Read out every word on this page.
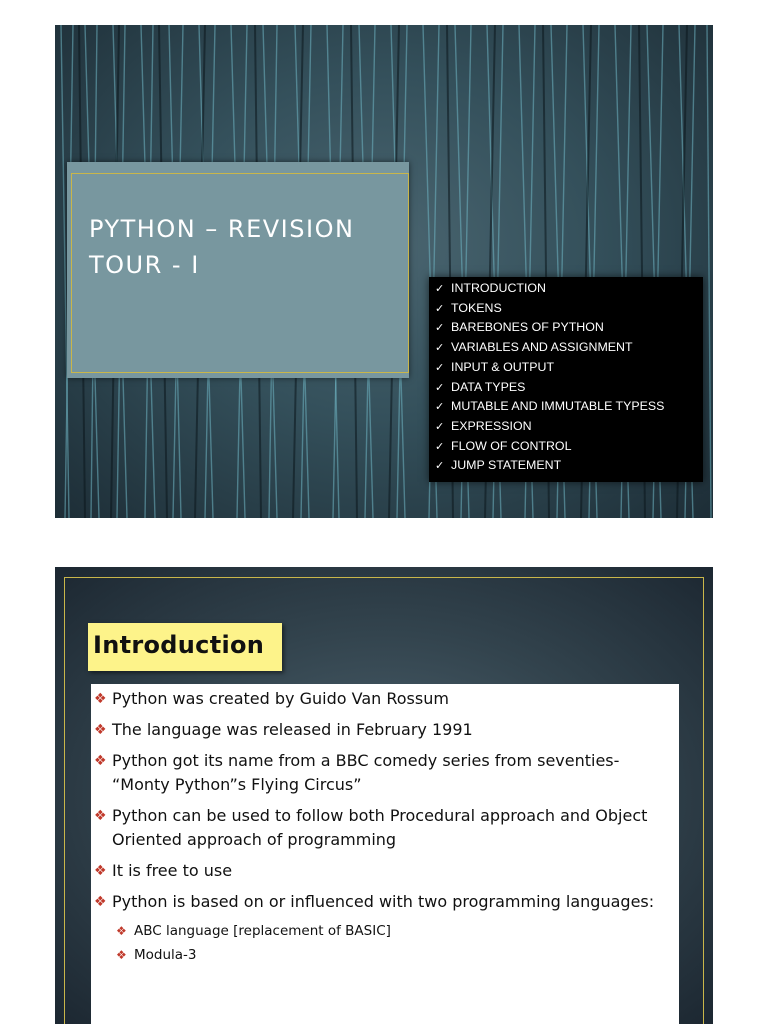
PYTHON – REVISION
TOUR - I
✓ INTRODUCTION
✓ TOKENS
✓ BAREBONES OF PYTHON
✓ VARIABLES AND ASSIGNMENT
✓ INPUT & OUTPUT
✓ DATA TYPES
✓ MUTABLE AND IMMUTABLE TYPESS
✓ EXPRESSION
✓ FLOW OF CONTROL
✓ JUMP STATEMENT
Introduction
❖ Python was created by Guido Van Rossum
❖ The language was released in February 1991
❖ Python got its name from a BBC comedy series from seventies- “Monty Python”s Flying Circus”
❖ Python can be used to follow both Procedural approach and Object Oriented approach of programming
❖ It is free to use
❖ Python is based on or influenced with two programming languages:
❖ ABC language [replacement of BASIC]
❖ Modula-3
